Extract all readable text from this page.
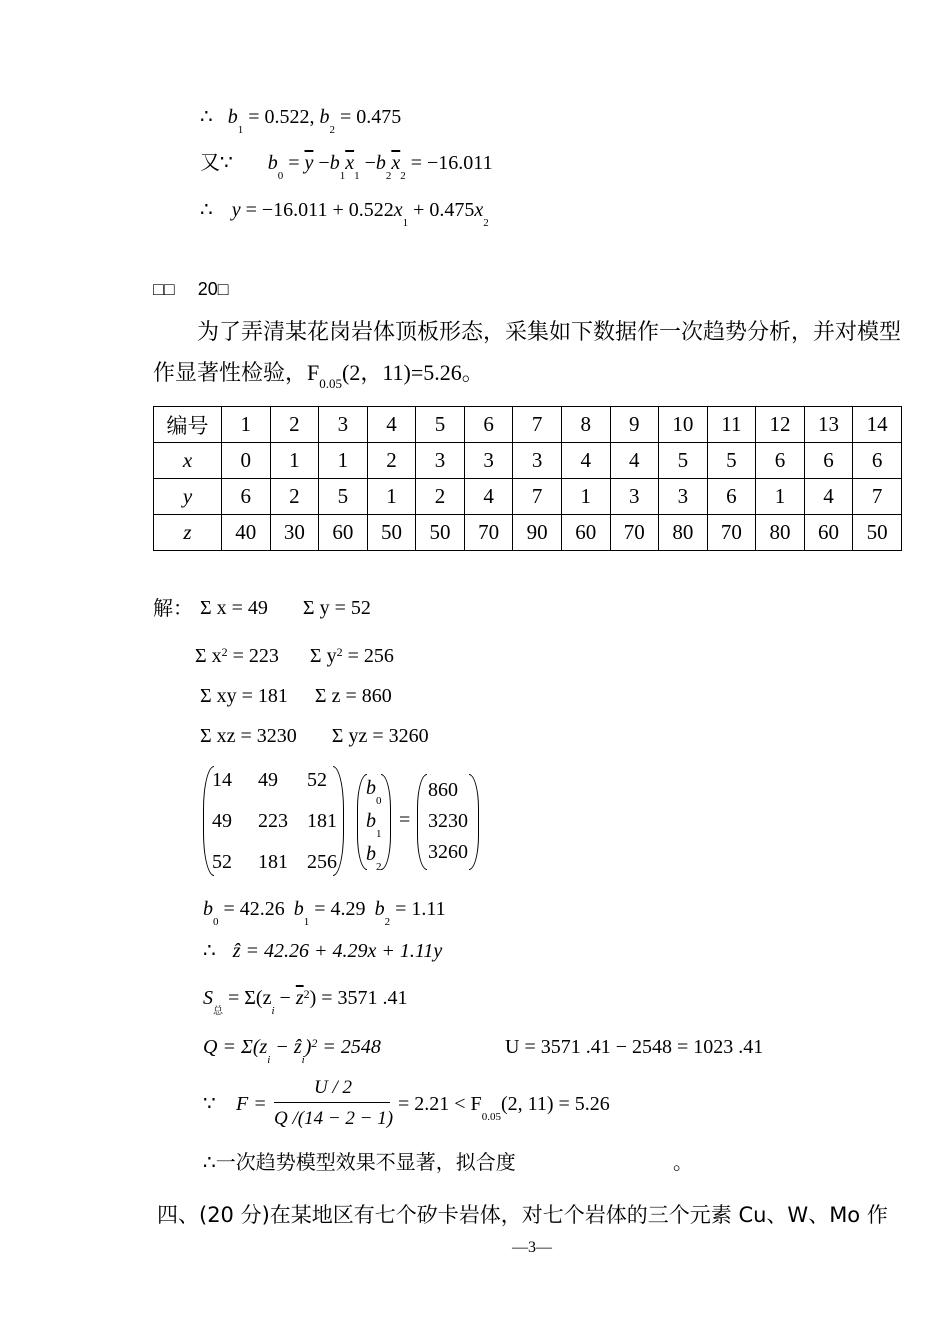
∴ $b_1 = 0.522$, $b_2 = 0.475$
又∵ $b_0 = \overline{y} -b_1\overline{x}_1 -b_2\overline{x}_2 = -16.011$
∴ $y = -16.011 + 0.522x_1 + 0.475x_2$
□□ 20□
为了弄清某花岗岩体顶板形态，采集如下数据作一次趋势分析，并对模型作显著性检验，$F_{0.05}(2$，11)=5.26。
编号	1	2	3	4	5	6	7	8	9	10	11	12	13	14
x	0	1	1	2	3	3	3	4	4	5	5	6	6	6
y	6	2	5	1	2	4	7	1	3	3	6	1	4	7
z	40	30	60	50	50	70	90	60	70	80	70	80	60	50
解： Σ x = 49 Σ y = 52
Σ $x^2 = 223$ Σ $y^2 = 256$
Σ xy = 181 Σ z = 860
Σ xz = 3230 Σ yz = 3260
14 49 52
49 223 181
52 181 256
$b_0$
$b_1$
$b_2$
=
860
3230
3260
$b_0 = 42.26$ $b_1 = 4.29$ $b_2 = 1.11$
∴ ẑ = 42.26 + 4.29x + 1.11y
$S_总 = \Sigma(z_i - \overline{z}^2) = 3571$ .41
$Q = \Sigma(z_i$ − ẑ$_i$)$^2$ = 2548	U = 3571 .41 − 2548 = 1023 .41
∵ F =
U / 2
Q /(14 − 2 − 1)
= $2.21 < F_{0.05}(2$, 11) = 5.26
∴一次趋势模型效果不显著，拟合度	。
四、(20 分)在某地区有七个矽卡岩体，对七个岩体的三个元素 Cu、W、Mo 作
—3—
